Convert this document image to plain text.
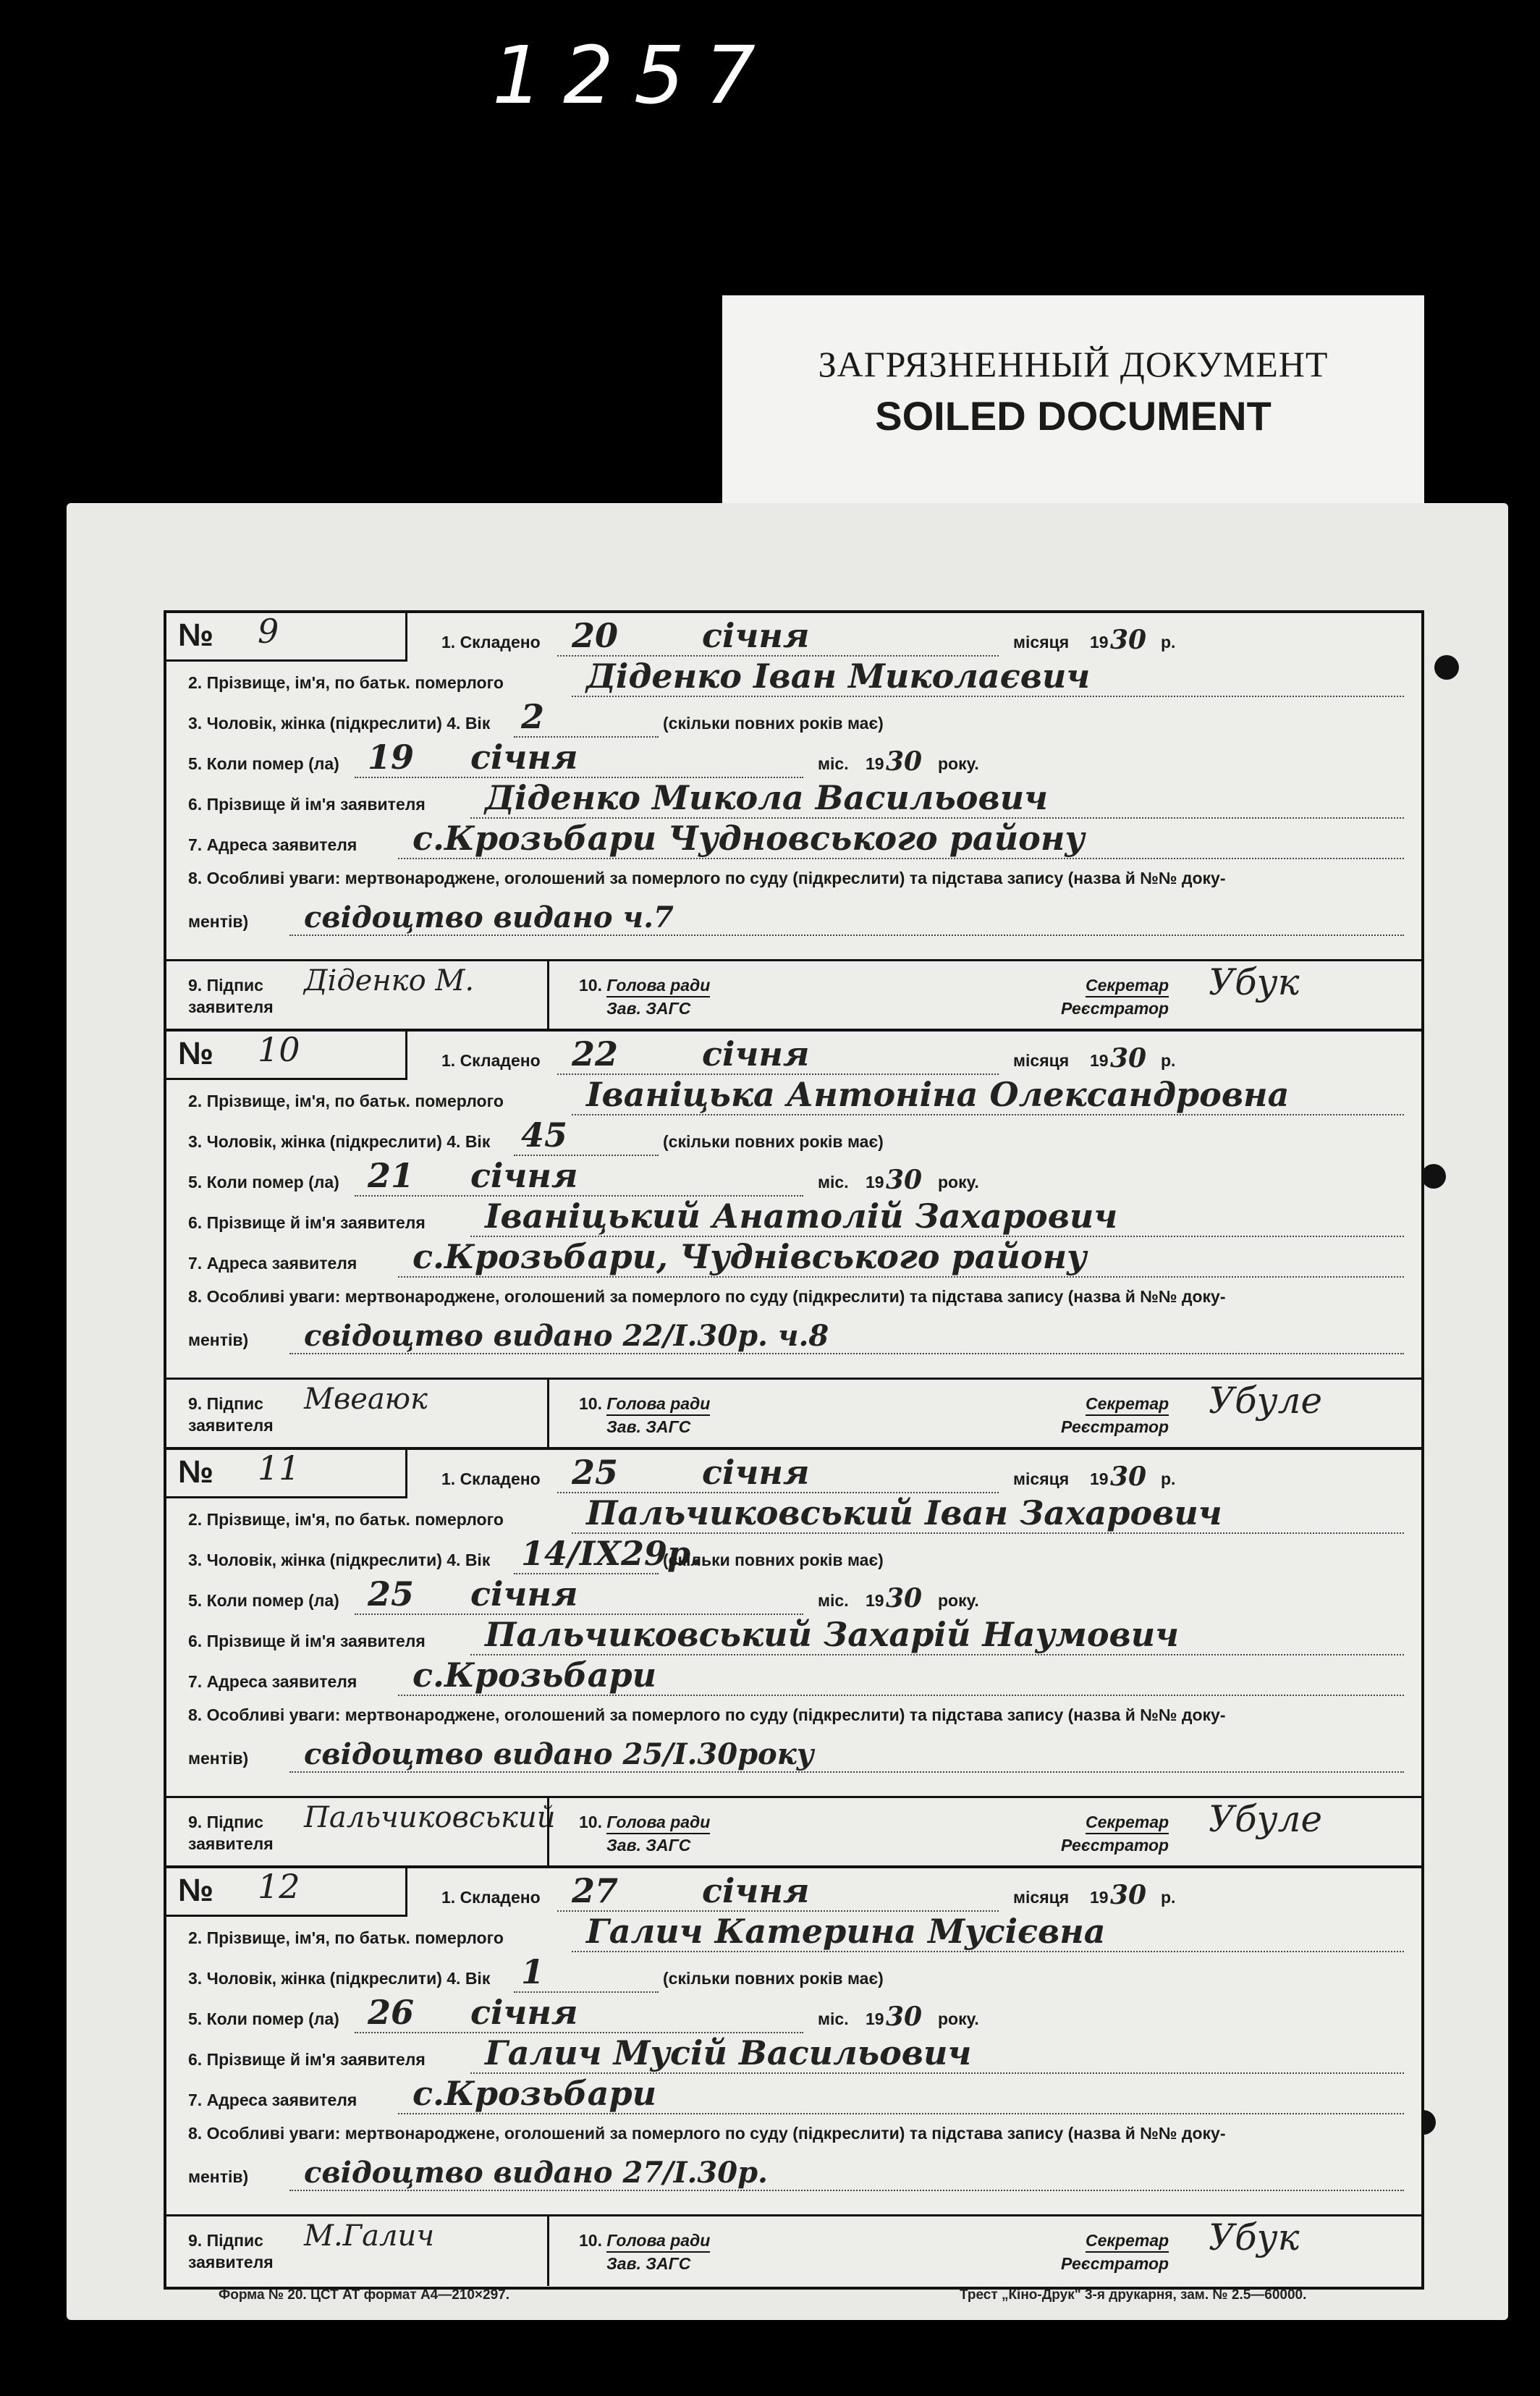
1257
ЗАГРЯЗНЕННЫЙ ДОКУМЕНТ
SOILED DOCUMENT
№ 9	1. Складено 20	січня	місяця 19 30 р.
2. Прізвище, ім'я, по батьк. померлого Діденко Іван Миколаєвич
3. Чоловік, жінка (підкреслити) 4. Вік 2	(скільки повних років має)
5. Коли помер (ла) 19 січня	міс. 19 30 року.
6. Прізвище й ім'я заявителя Діденко Микола Васильович
7. Адреса заявителя с.Крозьбари Чудновського району
8. Особливі уваги: мертвонароджене, оголошений за померлого по суду (підкреслити) та підстава запису (назва й №№ доку-
ментів) свідоцтво видано ч.7
9. Підпис
заявителя
Діденко М.	10. Голова ради
Зав. ЗАГС
Секретар
Реєстратор
Убук
№ 10	1. Складено 22	січня	місяця 19 30 р.
2. Прізвище, ім'я, по батьк. померлого Іваніцька Антоніна Олександровна
3. Чоловік, жінка (підкреслити) 4. Вік 45	(скільки повних років має)
5. Коли помер (ла) 21 січня	міс. 19 30 року.
6. Прізвище й ім'я заявителя Іваніцький Анатолій Захарович
7. Адреса заявителя с.Крозьбари, Чуднівського району
8. Особливі уваги: мертвонароджене, оголошений за померлого по суду (підкреслити) та підстава запису (назва й №№ доку-
ментів) свідоцтво видано 22/І.30р. ч.8
9. Підпис
заявителя
Мвеаюк	10. Голова ради
Зав. ЗАГС
Секретар
Реєстратор
Убуле
№ 11	1. Складено 25	січня	місяця 19 30 р.
2. Прізвище, ім'я, по батьк. померлого Пальчиковський Іван Захарович
3. Чоловік, жінка (підкреслити) 4. Вік 14/ІХ29р.
(скільки повних років має)
5. Коли помер (ла) 25 січня	міс. 19 30 року.
6. Прізвище й ім'я заявителя Пальчиковський Захарій Наумович
7. Адреса заявителя с.Крозьбари
8. Особливі уваги: мертвонароджене, оголошений за померлого по суду (підкреслити) та підстава запису (назва й №№ доку-
ментів) свідоцтво видано 25/І.30року
9. Підпис
заявителя
Пальчиковський 10. Голова ради
Зав. ЗАГС
Секретар
Реєстратор
Убуле
№ 12	1. Складено 27	січня	місяця 19 30 р.
2. Прізвище, ім'я, по батьк. померлого Галич Катерина Мусієвна
3. Чоловік, жінка (підкреслити) 4. Вік 1	(скільки повних років має)
5. Коли помер (ла) 26 січня	міс. 19 30 року.
6. Прізвище й ім'я заявителя Галич Мусій Васильович
7. Адреса заявителя с.Крозьбари
8. Особливі уваги: мертвонароджене, оголошений за померлого по суду (підкреслити) та підстава запису (назва й №№ доку-
ментів) свідоцтво видано 27/І.30р.
9. Підпис
заявителя
М.Галич	10. Голова ради
Зав. ЗАГС
Секретар
Реєстратор
Убук
Форма № 20. ЦСТ АТ формат А4—210×297.	Трест „Кіно-Друк" 3-я друкарня, зам. № 2.5—60000.
